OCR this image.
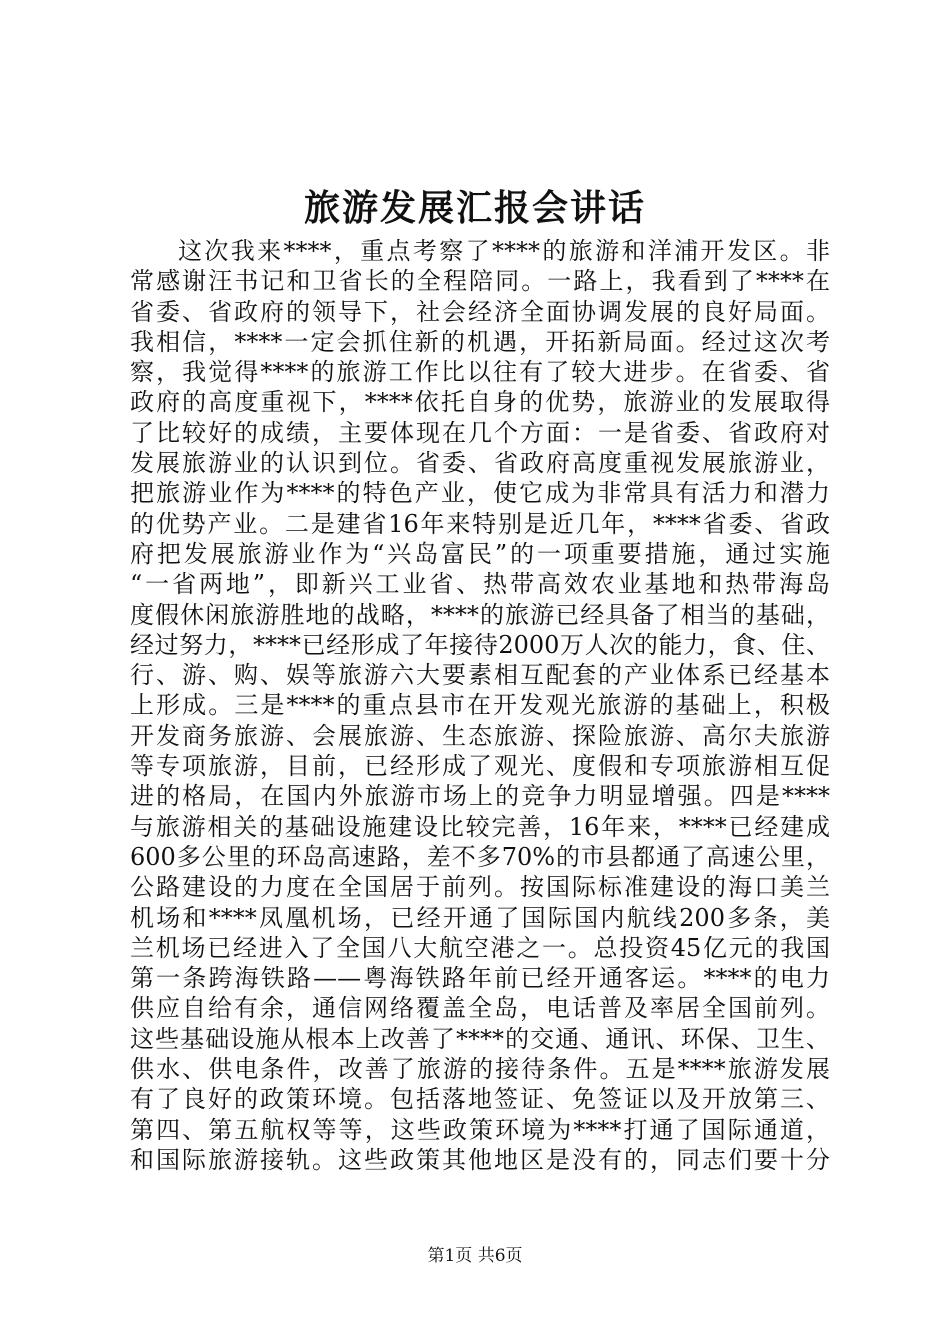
旅游发展汇报会讲话
这次我来****，重点考察了****的旅游和洋浦开发区。非
常感谢汪书记和卫省长的全程陪同。一路上，我看到了****在
省委、省政府的领导下，社会经济全面协调发展的良好局面。
我相信，****一定会抓住新的机遇，开拓新局面。经过这次考
察，我觉得****的旅游工作比以往有了较大进步。在省委、省
政府的高度重视下，****依托自身的优势，旅游业的发展取得
了比较好的成绩，主要体现在几个方面：一是省委、省政府对
发展旅游业的认识到位。省委、省政府高度重视发展旅游业，
把旅游业作为****的特色产业，使它成为非常具有活力和潜力
的优势产业。二是建省16年来特别是近几年，****省委、省政
府把发展旅游业作为“兴岛富民”的一项重要措施，通过实施
“一省两地”，即新兴工业省、热带高效农业基地和热带海岛
度假休闲旅游胜地的战略，****的旅游已经具备了相当的基础，
经过努力，****已经形成了年接待2000万人次的能力，食、住、
行、游、购、娱等旅游六大要素相互配套的产业体系已经基本
上形成。三是****的重点县市在开发观光旅游的基础上，积极
开发商务旅游、会展旅游、生态旅游、探险旅游、高尔夫旅游
等专项旅游，目前，已经形成了观光、度假和专项旅游相互促
进的格局，在国内外旅游市场上的竞争力明显增强。四是****
与旅游相关的基础设施建设比较完善，16年来，****已经建成
600多公里的环岛高速路，差不多70%的市县都通了高速公里，
公路建设的力度在全国居于前列。按国际标准建设的海口美兰
机场和****凤凰机场，已经开通了国际国内航线200多条，美
兰机场已经进入了全国八大航空港之一。总投资45亿元的我国
第一条跨海铁路——粤海铁路年前已经开通客运。****的电力
供应自给有余，通信网络覆盖全岛，电话普及率居全国前列。
这些基础设施从根本上改善了****的交通、通讯、环保、卫生、
供水、供电条件，改善了旅游的接待条件。五是****旅游发展
有了良好的政策环境。包括落地签证、免签证以及开放第三、
第四、第五航权等等，这些政策环境为****打通了国际通道，
和国际旅游接轨。这些政策其他地区是没有的，同志们要十分
第1页 共6页
